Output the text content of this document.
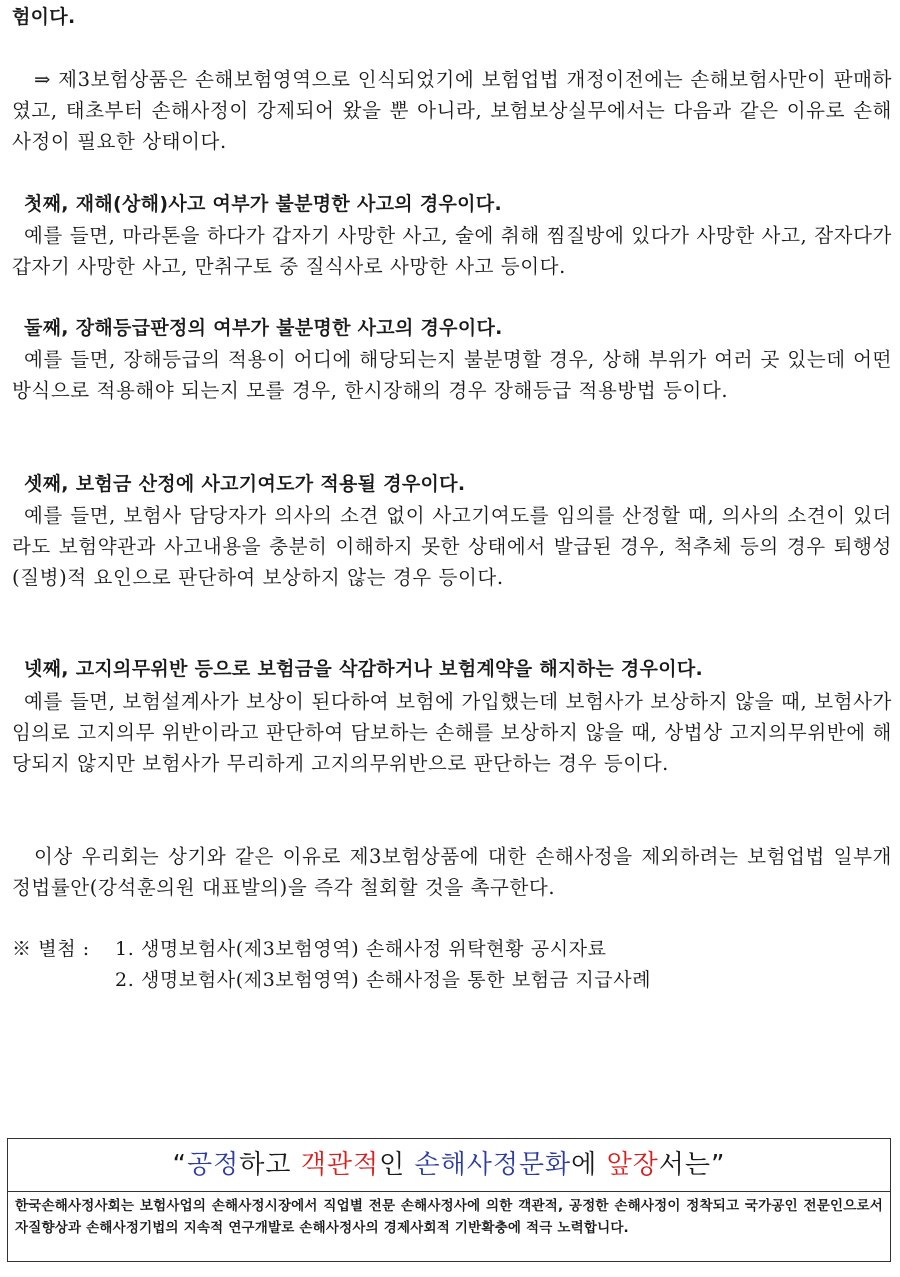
험이다.
⇒ 제3보험상품은 손해보험영역으로 인식되었기에 보험업법 개정이전에는 손해보험사만이 판매하였고, 태초부터 손해사정이 강제되어 왔을 뿐 아니라, 보험보상실무에서는 다음과 같은 이유로 손해사정이 필요한 상태이다.
첫째, 재해(상해)사고 여부가 불분명한 사고의 경우이다.
예를 들면, 마라톤을 하다가 갑자기 사망한 사고, 술에 취해 찜질방에 있다가 사망한 사고, 잠자다가 갑자기 사망한 사고, 만취구토 중 질식사로 사망한 사고 등이다.
둘째, 장해등급판정의 여부가 불분명한 사고의 경우이다.
예를 들면, 장해등급의 적용이 어디에 해당되는지 불분명할 경우, 상해 부위가 여러 곳 있는데 어떤 방식으로 적용해야 되는지 모를 경우, 한시장해의 경우 장해등급 적용방법 등이다.
셋째, 보험금 산정에 사고기여도가 적용될 경우이다.
예를 들면, 보험사 담당자가 의사의 소견 없이 사고기여도를 임의를 산정할 때, 의사의 소견이 있더라도 보험약관과 사고내용을 충분히 이해하지 못한 상태에서 발급된 경우, 척추체 등의 경우 퇴행성(질병)적 요인으로 판단하여 보상하지 않는 경우 등이다.
넷째, 고지의무위반 등으로 보험금을 삭감하거나 보험계약을 해지하는 경우이다.
예를 들면, 보험설계사가 보상이 된다하여 보험에 가입했는데 보험사가 보상하지 않을 때, 보험사가 임의로 고지의무 위반이라고 판단하여 담보하는 손해를 보상하지 않을 때, 상법상 고지의무위반에 해당되지 않지만 보험사가 무리하게 고지의무위반으로 판단하는 경우 등이다.
이상 우리회는 상기와 같은 이유로 제3보험상품에 대한 손해사정을 제외하려는 보험업법 일부개정법률안(강석훈의원 대표발의)을 즉각 철회할 것을 촉구한다.
※ 별첨 : 1. 생명보험사(제3보험영역) 손해사정 위탁현황 공시자료
2. 생명보험사(제3보험영역) 손해사정을 통한 보험금 지급사례
“공정하고 객관적인 손해사정문화에 앞장서는”
한국손해사정사회는 보험사업의 손해사정시장에서 직업별 전문 손해사정사에 의한 객관적, 공정한 손해사정이 정착되고 국가공인 전문인으로서 자질향상과 손해사정기법의 지속적 연구개발로 손해사정사의 경제사회적 기반확충에 적극 노력합니다.
